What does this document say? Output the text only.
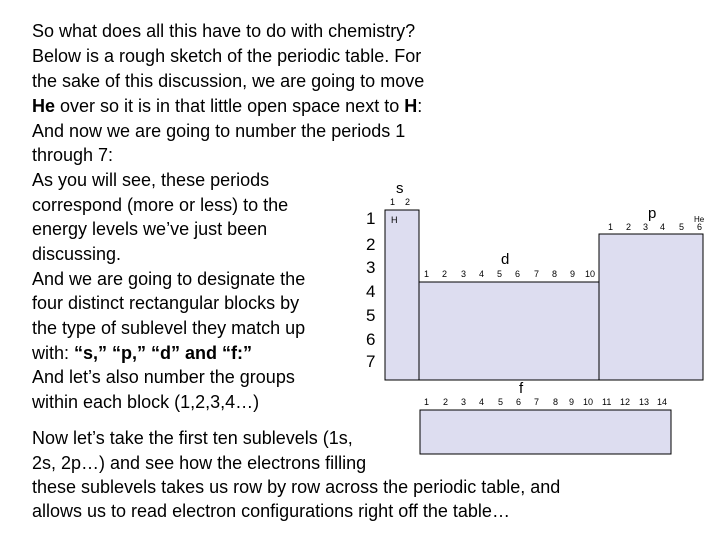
So what does all this have to do with chemistry?
Below is a rough sketch of the periodic table. For
the sake of this discussion, we are going to move
He over so it is in that little open space next to H:
And now we are going to number the periods 1
through 7:
As you will see, these periods
correspond (more or less) to the
energy levels we’ve just been
discussing.
And we are going to designate the
four distinct rectangular blocks by
the type of sublevel they match up
with: “s,” “p,” “d” and “f:”
And let’s also number the groups
within each block (1,2,3,4…)
1
2
3
4
5
6
7
s
p
d
f
1 2
H	He
1 2 3 4 5 6
1 2 3 4 5 6 7 8 9 10
1 2 3 4 5 6 7 8 9 10 11 12 13 14
Now let’s take the first ten sublevels (1s,
2s, 2p…) and see how the electrons filling
these sublevels takes us row by row across the periodic table, and
allows us to read electron configurations right off the table…
